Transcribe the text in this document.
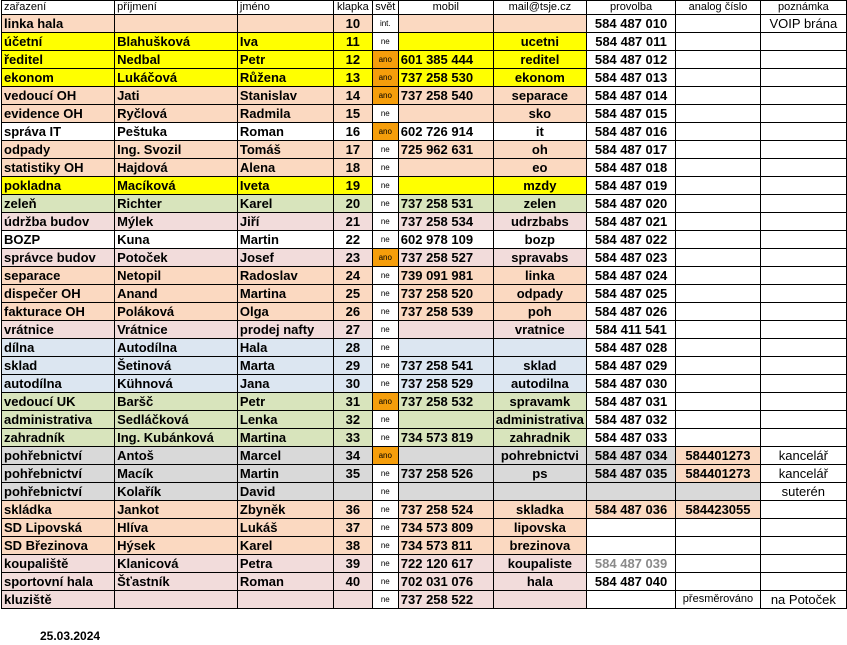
zařazení	příjmení	jméno	klapka	svět	mobil	mail@tsje.cz	provolba	analog číslo	poznámka
linka hala			10	int.			584 487 010		VOIP brána
účetní	Blahušková	Iva	11	ne		ucetni	584 487 011		
ředitel	Nedbal	Petr	12	ano	601 385 444	reditel	584 487 012		
ekonom	Lukáčová	Růžena	13	ano	737 258 530	ekonom	584 487 013		
vedoucí OH	Jati	Stanislav	14	ano	737 258 540	separace	584 487 014		
evidence OH	Ryčlová	Radmila	15	ne		sko	584 487 015		
správa IT	Peštuka	Roman	16	ano	602 726 914	it	584 487 016		
odpady	Ing. Svozil	Tomáš	17	ne	725 962 631	oh	584 487 017		
statistiky OH	Hajdová	Alena	18	ne		eo	584 487 018		
pokladna	Macíková	Iveta	19	ne		mzdy	584 487 019		
zeleň	Richter	Karel	20	ne	737 258 531	zelen	584 487 020		
údržba budov	Mýlek	Jiří	21	ne	737 258 534	udrzbabs	584 487 021		
BOZP	Kuna	Martin	22	ne	602 978 109	bozp	584 487 022		
správce budov	Potoček	Josef	23	ano	737 258 527	spravabs	584 487 023		
separace	Netopil	Radoslav	24	ne	739 091 981	linka	584 487 024		
dispečer OH	Anand	Martina	25	ne	737 258 520	odpady	584 487 025		
fakturace OH	Poláková	Olga	26	ne	737 258 539	poh	584 487 026		
vrátnice	Vrátnice	prodej nafty	27	ne		vratnice	584 411 541		
dílna	Autodílna	Hala	28	ne			584 487 028		
sklad	Šetinová	Marta	29	ne	737 258 541	sklad	584 487 029		
autodílna	Kühnová	Jana	30	ne	737 258 529	autodilna	584 487 030		
vedoucí UK	Baršč	Petr	31	ano	737 258 532	spravamk	584 487 031		
administrativa	Sedláčková	Lenka	32	ne		administrativa	584 487 032		
zahradník	Ing. Kubánková	Martina	33	ne	734 573 819	zahradnik	584 487 033		
pohřebnictví	Antoš	Marcel	34	ano		pohrebnictvi	584 487 034	584401273	kancelář
pohřebnictví	Macík	Martin	35	ne	737 258 526	ps	584 487 035	584401273	kancelář
pohřebnictví	Kolařík	David		ne					suterén
skládka	Jankot	Zbyněk	36	ne	737 258 524	skladka	584 487 036	584423055	
SD Lipovská	Hlíva	Lukáš	37	ne	734 573 809	lipovska			
SD Březinova	Hýsek	Karel	38	ne	734 573 811	brezinova			
koupaliště	Klanicová	Petra	39	ne	722 120 617	koupaliste	584 487 039		
sportovní hala	Šťastník	Roman	40	ne	702 031 076	hala	584 487 040		
kluziště				ne	737 258 522			přesměrováno	na Potoček
25.03.2024
